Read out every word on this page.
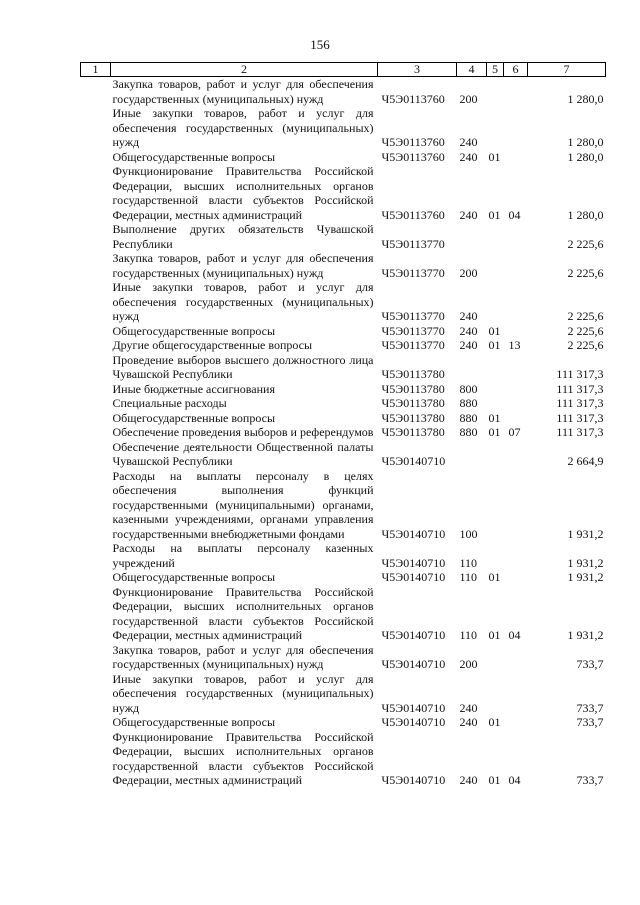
156
1	2	3	4	5	6	7

	Закупка товаров, работ и услуг для обеспечения государственных (муниципальных) нужд	Ч5Э0113760	200			1 280,0

	Иные закупки товаров, работ и услуг для обеспечения государственных (муниципальных) нужд	Ч5Э0113760	240			1 280,0

	Общегосударственные вопросы	Ч5Э0113760	240	01		1 280,0

	Функционирование Правительства Российской Федерации, высших исполнительных органов государственной власти субъектов Российской Федерации, местных администраций	Ч5Э0113760	240	01	04	1 280,0

	Выполнение других обязательств Чувашской Республики	Ч5Э0113770				2 225,6

	Закупка товаров, работ и услуг для обеспечения государственных (муниципальных) нужд	Ч5Э0113770	200			2 225,6

	Иные закупки товаров, работ и услуг для обеспечения государственных (муниципальных) нужд	Ч5Э0113770	240			2 225,6

	Общегосударственные вопросы	Ч5Э0113770	240	01		2 225,6

	Другие общегосударственные вопросы	Ч5Э0113770	240	01	13	2 225,6

	Проведение выборов высшего должностного лица Чувашской Республики	Ч5Э0113780				111 317,3

	Иные бюджетные ассигнования	Ч5Э0113780	800			111 317,3

	Специальные расходы	Ч5Э0113780	880			111 317,3

	Общегосударственные вопросы	Ч5Э0113780	880	01		111 317,3

	Обеспечение проведения выборов и референдумов	Ч5Э0113780	880	01	07	111 317,3

	Обеспечение деятельности Общественной палаты Чувашской Республики	Ч5Э0140710				2 664,9

	Расходы на выплаты персоналу в целях обеспечения выполнения функций государственными (муниципальными) органами, казенными учреждениями, органами управления государственными внебюджетными фондами	Ч5Э0140710	100			1 931,2

	Расходы на выплаты персоналу казенных учреждений	Ч5Э0140710	110			1 931,2

	Общегосударственные вопросы	Ч5Э0140710	110	01		1 931,2

	Функционирование Правительства Российской Федерации, высших исполнительных органов государственной власти субъектов Российской Федерации, местных администраций	Ч5Э0140710	110	01	04	1 931,2

	Закупка товаров, работ и услуг для обеспечения государственных (муниципальных) нужд	Ч5Э0140710	200			733,7

	Иные закупки товаров, работ и услуг для обеспечения государственных (муниципальных) нужд	Ч5Э0140710	240			733,7

	Общегосударственные вопросы	Ч5Э0140710	240	01		733,7

	Функционирование Правительства Российской Федерации, высших исполнительных органов государственной власти субъектов Российской Федерации, местных администраций	Ч5Э0140710	240	01	04	733,7
